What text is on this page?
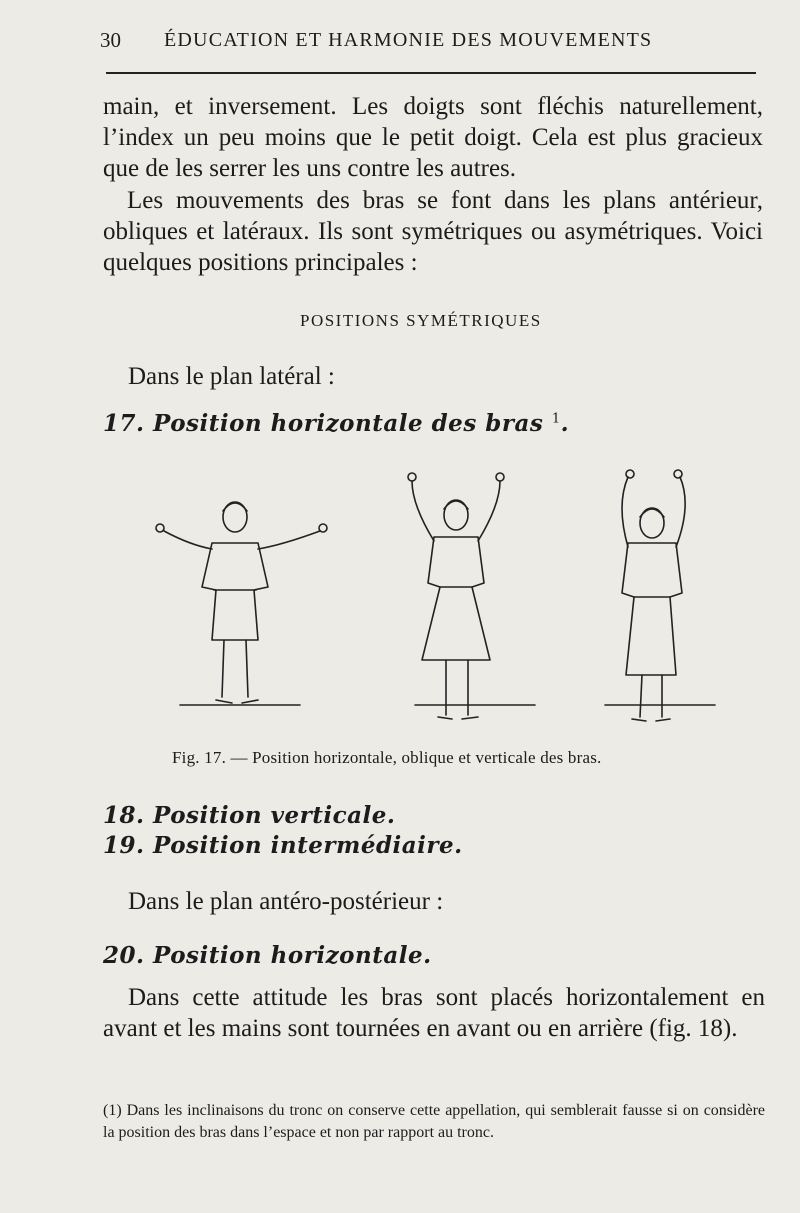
30 ÉDUCATION ET HARMONIE DES MOUVEMENTS
main, et inversement. Les doigts sont fléchis naturellement, l’index un peu moins que le petit doigt. Cela est plus gracieux que de les serrer les uns contre les autres.
Les mouvements des bras se font dans les plans antérieur, obliques et latéraux. Ils sont symétriques ou asymétriques. Voici quelques positions principales :
POSITIONS SYMÉTRIQUES
Dans le plan latéral :
17. Position horizontale des bras $^1$.
Fig. 17. — Position horizontale, oblique et verticale des bras.
18. Position verticale.
19. Position intermédiaire.
Dans le plan antéro-postérieur :
20. Position horizontale.
Dans cette attitude les bras sont placés horizontalement en avant et les mains sont tournées en avant ou en arrière (fig. 18).
(1) Dans les inclinaisons du tronc on conserve cette appellation, qui semblerait fausse si on considère la position des bras dans l’espace et non par rapport au tronc.
